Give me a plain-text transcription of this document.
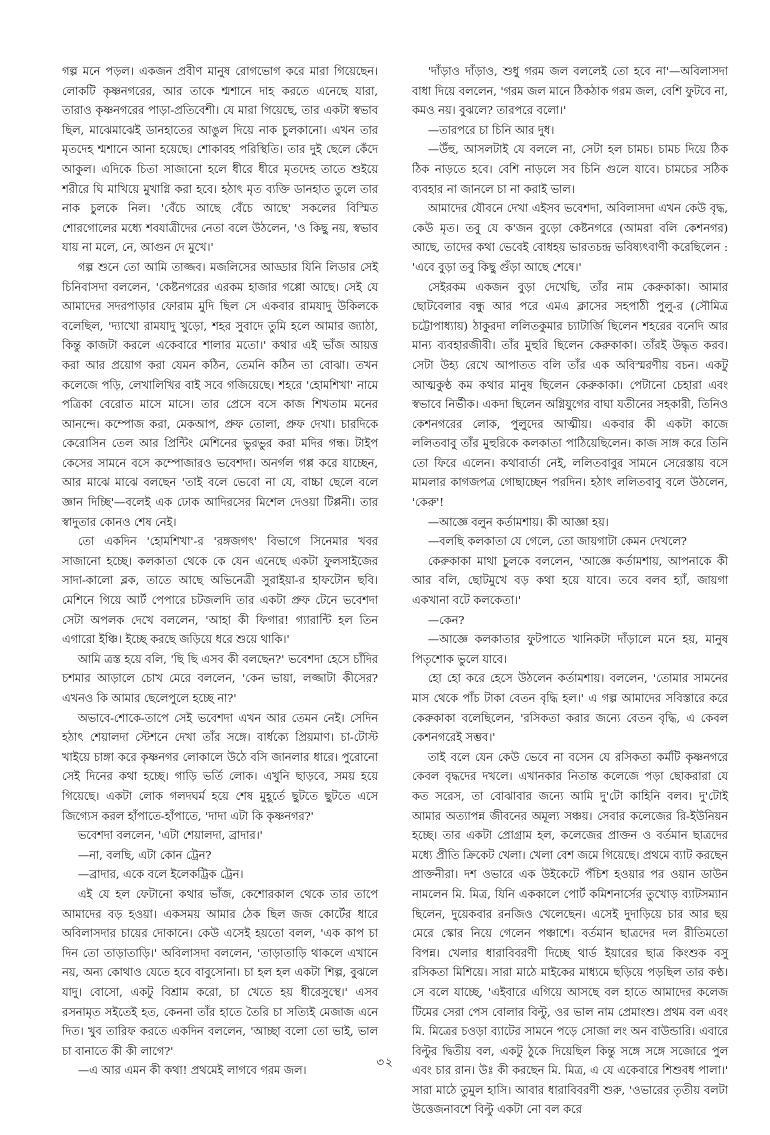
গল্প মনে পড়ল। একজন প্রবীণ মানুষ রোগভোগ করে মারা গিয়েছেন। লোকটি কৃষ্ণনগরের, আর তাকে শ্মশানে দাহ করতে এনেছে যারা, তারাও কৃষ্ণনগরের পাড়া-প্রতিবেশী। যে মারা গিয়েছে, তার একটা স্বভাব ছিল, মাঝেমাঝেই ডানহাতের আঙুল দিয়ে নাক চুলকানো। এখন তার মৃতদেহ শ্মশানে আনা হয়েছে। শোকাবহ পরিস্থিতি। তার দুই ছেলে কেঁদে আকুল। এদিকে চিতা সাজানো হলে ধীরে ধীরে মৃতদেহ তাতে শুইয়ে শরীরে ঘি মাখিয়ে মুখাগ্নি করা হবে। হঠাৎ মৃত ব্যক্তি ডানহাত তুলে তার নাক চুলকে নিল। 'বেঁচে আছে বেঁচে আছে' সকলের বিস্মিত শোরগোলের মধ্যে শবযাত্রীদের নেতা বলে উঠলেন, 'ও কিছু নয়, স্বভাব যায় না মলে, নে, আগুন দে মুখে।'

গল্প শুনে তো আমি তাজ্জব। মজলিসের আড্ডার যিনি লিডার সেই চিনিবাসদা বললেন, 'কেষ্টনগরের এরকম হাজার গপ্পো আছে। সেই যে আমাদের সদরপাড়ার ফোরাম মুদি ছিল সে একবার রামযাদু উকিলকে বলেছিল, 'দ্যাখো রামযাদু খুড়ো, শহর সুবাদে তুমি হলে আমার জ্যাঠা, কিন্তু কাজটা করলে একেবারে শালার মতো।' কথার এই ভাঁজ আয়ত্ত করা আর প্রয়োগ করা যেমন কঠিন, তেমনি কঠিন তা বোঝা। তখন কলেজে পড়ি, লেখালিখির বাই সবে গজিয়েছে। শহরে 'হোমশিখা' নামে পত্রিকা বেরোত মাসে মাসে। তার প্রেসে বসে কাজ শিখতাম মনের আনন্দে। কম্পোজ করা, মেকআপ, প্রুফ তোলা, প্রুফ দেখা। চারদিকে কেরোসিন তেল আর প্রিন্টিং মেশিনের ভুরভুর করা মদির গন্ধ। টাইপ কেসের সামনে বসে কম্পোজারও ভবেশদা। অনর্গল গপ্প করে যাচ্ছেন, আর মাঝে মাঝে বলছেন 'তাই বলে ভেবো না যে, বাচ্চা ছেলে বলে জ্ঞান দিচ্ছি'—বলেই এক ঢোক আদিরসের মিশেল দেওয়া টিপ্পনী। তার স্বাদুতার কোনও শেষ নেই।

তো একদিন 'হোমশিখা'-র 'রঙ্গজগৎ' বিভাগে সিনেমার খবর সাজানো হচ্ছে। কলকাতা থেকে কে যেন এনেছে একটা ফুলসাইজের সাদা-কালো ব্লক, তাতে আছে অভিনেত্রী সুরাইয়া-র হাফটোন ছবি। মেশিনে গিয়ে আর্ট পেপারে চটজলদি তার একটা প্রুফ টেনে ভবেশদা সেটা অপলক দেখে বললেন, 'আহা কী ফিগার! গ্যারান্টি হল তিন এগারো ইঞ্চি। ইচ্ছে করছে জড়িয়ে ধরে শুয়ে থাকি।'

আমি ত্রস্ত হয়ে বলি, 'ছি ছি এসব কী বলছেন?' ভবেশদা হেসে চাঁদির চশমার আড়ালে চোখ মেরে বললেন, 'কেন ভায়া, লজ্জাটা কীসের? এখনও কি আমার ছেলেপুলে হচ্ছে না?'

অভাবে-শোকে-তাপে সেই ভবেশদা এখন আর তেমন নেই। সেদিন হঠাৎ শেয়ালদা স্টেশনে দেখা তাঁর সঙ্গে। বার্ধক্যে প্রিয়মাণ। চা-টোস্ট খাইয়ে চাঙ্গা করে কৃষ্ণনগর লোকালে উঠে বসি জানলার ধারে। পুরোনো সেই দিনের কথা হচ্ছে। গাড়ি ভর্তি লোক। এখুনি ছাড়বে, সময় হয়ে গিয়েছে। একটা লোক গলদঘর্ম হয়ে শেষ মুহূর্তে ছুটতে ছুটতে এসে জিগ্যেস করল হাঁপাতে-হাঁপাতে, 'দাদা এটা কি কৃষ্ণনগর?'

ভবেশদা বললেন, 'এটা শেয়ালদা, ব্রাদার।'

—না, বলছি, এটা কোন ট্রেন?

—ব্রাদার, একে বলে ইলেকট্রিক ট্রেন।

এই যে হল ফেটানো কথার ভাঁজ, কেশোরকাল থেকে তার তাপে আমাদের বড় হওয়া। একসময় আমার ঠেক ছিল জজ কোর্টের ধারে অবিলাসদার চায়ের দোকানে। কেউ এসেই হয়তো বলল, 'এক কাপ চা দিন তো তাড়াতাড়ি।' অবিলাসদা বললেন, 'তাড়াতাড়ি থাকলে এখানে নয়, অন্য কোথাও যেতে হবে বাবুসোনা। চা হল হল একটা শিল্প, বুঝলে যাদু। বোসো, একটু বিশ্রাম করো, চা খেতে হয় ধীরেসুস্থে।' এসব রসনামৃত সইতেই হত, কেননা তাঁর হাতে তৈরি চা সত্যিই মেজাজ এনে দিত। খুব তারিফ করতে একদিন বললেন, 'আচ্ছা বলো তো ভাই, ভাল চা বানাতে কী কী লাগে?'

—এ আর এমন কী কথা! প্রথমেই লাগবে গরম জল।

'দাঁড়াও দাঁড়াও, শুধু গরম জল বললেই তো হবে না'—অবিলাসদা বাধা দিয়ে বললেন, 'গরম জল মানে ঠিকঠাক গরম জল, বেশি ফুটবে না, কমও নয়। বুঝলে? তারপরে বলো।'

—তারপরে চা চিনি আর দুধ।

—উঁহু, আসলটাই যে বললে না, সেটা হল চামচ। চামচ দিয়ে ঠিক ঠিক নাড়তে হবে। বেশি নাড়লে সব চিনি গুলে যাবে। চামচের সঠিক ব্যবহার না জানলে চা না করাই ভাল।

আমাদের যৌবনে দেখা এইসব ভবেশদা, অবিলাসদা এখন কেউ বৃদ্ধ, কেউ মৃত। তবু যে ক'জন বুড়ো কেষ্টনগরে (আমরা বলি কেশনগর) আছে, তাদের কথা ভেবেই বোধহয় ভারতচন্দ্র ভবিষ্যৎবাণী করেছিলেন : 'এবে বুড়া তবু কিছু গুঁড়া আছে শেষে।'

সেইরকম একজন বুড়া দেখেছি, তাঁর নাম কেরুকাকা। আমার ছোটবেলার বন্ধু আর পরে এমএ ক্লাসের সহপাঠী পুলু-র (সৌমিত্র চট্টোপাধ্যায়) ঠাকুরদা ললিতকুমার চ্যাটার্জি ছিলেন শহরের বনেদি আর মান্য ব্যবহারজীবী। তাঁর মুহুরি ছিলেন কেরুকাকা। তাঁরই উদ্ধৃত করব। সেটা উহ্য রেখে আপাতত বলি তাঁর এক অবিস্মরণীয় বচন। একটু আত্মকুণ্ঠ কম কথার মানুষ ছিলেন কেরুকাকা। পেটানো চেহারা এবং স্বভাবে নির্ভীক। একদা ছিলেন অগ্নিযুগের বাঘা যতীনের সহকারী, তিনিও কেশনগরের লোক, পুলুদের আত্মীয়। একবার কী একটা কাজে ললিতবাবু তাঁর মুহুরিকে কলকাতা পাঠিয়েছিলেন। কাজ সাঙ্গ করে তিনি তো ফিরে এলেন। কথাবার্তা নেই, ললিতবাবুর সামনে সেরেস্তায় বসে মামলার কাগজপত্র গোছাচ্ছেন পরদিন। হঠাৎ ললিতবাবু বলে উঠলেন, 'কেরু'!

—আজ্ঞে বলুন কর্তামশায়। কী আজ্ঞা হয়।

—বলছি কলকাতা যে গেলে, তো জায়গাটা কেমন দেখলে?

কেরুকাকা মাথা চুলকে বললেন, 'আজ্ঞে কর্তামশায়, আপনাকে কী আর বলি, ছোটমুখে বড় কথা হয়ে যাবে। তবে বলব হ্যাঁ, জায়গা একখানা বটে কলকেতা।'

—কেন?

—আজ্ঞে কলকাতার ফুটপাতে খানিকটা দাঁড়ালে মনে হয়, মানুষ পিতৃশোক ভুলে যাবে।

হো হো করে হেসে উঠলেন কর্তামশায়। বললেন, 'তোমার সামনের মাস থেকে পাঁচ টাকা বেতন বৃদ্ধি হল।' এ গল্প আমাদের সবিস্তারে করে কেরুকাকা বলেছিলেন, 'রসিকতা করার জন্যে বেতন বৃদ্ধি, এ কেবল কেশনগরেই সম্ভব।'

তাই বলে যেন কেউ ভেবে না বসেন যে রসিকতা কর্মটি কৃষ্ণনগরে কেবল বৃদ্ধদের দখলে। এখানকার নিতান্ত কলেজে পড়া ছোকরারা যে কত সরেস, তা বোঝাবার জন্যে আমি দু'টো কাহিনি বলব। দু'টোই আমার অত্যাপন্ন জীবনের অমূল্য সঞ্চয়। সেবার কলেজের রি-ইউনিয়ন হচ্ছে। তার একটা প্রোগ্রাম হল, কলেজের প্রাক্তন ও বর্তমান ছাত্রদের মধ্যে প্রীতি ক্রিকেট খেলা। খেলা বেশ জমে গিয়েছে। প্রথমে ব্যাট করছেন প্রাক্তনীরা। দশ ওভারে এক উইকেটে পঁচিশ হওয়ার পর ওয়ান ডাউন নামলেন মি. মিত্র, যিনি এককালে পোর্ট কমিশনার্সের তুখোড় ব্যাটসম্যান ছিলেন, দুয়েকবার রনজিও খেলেছেন। এসেই দুদাড়িয়ে চার আর ছয় মেরে স্কোর নিয়ে গেলেন পঞ্চাশে। বর্তমান ছাত্রদের দল রীতিমতো বিপন্ন। খেলার ধারাবিবরণী দিচ্ছে থার্ড ইয়ারের ছাত্র কিংশুক বসু রসিকতা মিশিয়ে। সারা মাঠে মাইকের মাধ্যমে ছড়িয়ে পড়ছিল তার কণ্ঠ। সে বলে যাচ্ছে, 'এইবারে এগিয়ে আসছে বল হাতে আমাদের কলেজ টিমের সেরা পেস বোলার বিল্টু, ওর ভাল নাম প্রেমাংশু। প্রথম বল এবং মি. মিত্রের চওড়া ব্যাটের সামনে পড়ে সোজা লং অন বাউন্ডারি। এবারে বিল্টুর দ্বিতীয় বল, একটু ঠুকে দিয়েছিল কিন্তু সঙ্গে সঙ্গে সজোরে পুল এবং চার রান। উঃ কী করছেন মি. মিত্র, এ যে একেবারে শিশুবধ পালা।' সারা মাঠে তুমুল হাসি। আবার ধারাবিবরণী শুরু, 'ওভারের তৃতীয় বলটা উত্তেজনাবশে বিল্টু একটা নো বল করে

৩২
